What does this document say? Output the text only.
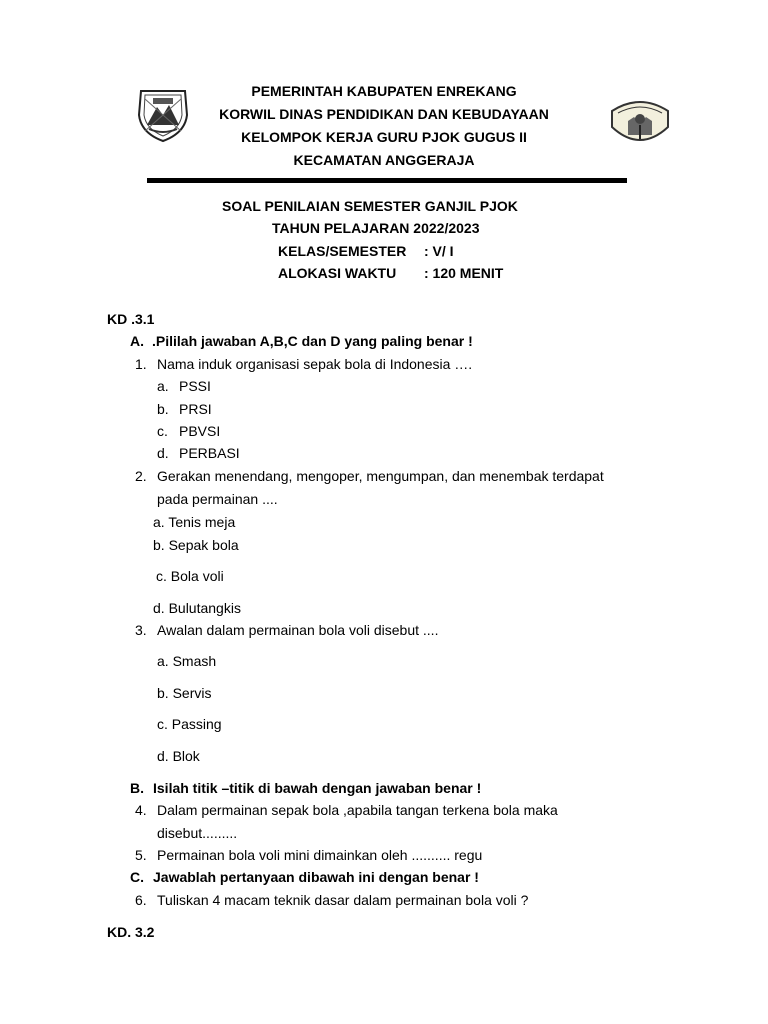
PEMERINTAH KABUPATEN ENREKANG
KORWIL DINAS PENDIDIKAN DAN KEBUDAYAAN
KELOMPOK KERJA GURU PJOK GUGUS II
KECAMATAN ANGGERAJA
SOAL PENILAIAN SEMESTER GANJIL PJOK
TAHUN PELAJARAN 2022/2023
KELAS/SEMESTER : V/ I
ALOKASI WAKTU : 120 MENIT
KD .3.1
A. .Pililah jawaban A,B,C dan D yang paling benar !
1. Nama induk organisasi sepak bola di Indonesia ….
a. PSSI
b. PRSI
c. PBVSI
d. PERBASI
2. Gerakan menendang, mengoper, mengumpan, dan menembak terdapat
pada permainan ....
a. Tenis meja
b. Sepak bola
c. Bola voli
d. Bulutangkis
3. Awalan dalam permainan bola voli disebut ....
a. Smash
b. Servis
c. Passing
d. Blok
B. Isilah titik –titik di bawah dengan jawaban benar !
4. Dalam permainan sepak bola ,apabila tangan terkena bola maka
disebut.........
5. Permainan bola voli mini dimainkan oleh .......... regu
C. Jawablah pertanyaan dibawah ini dengan benar !
6. Tuliskan 4 macam teknik dasar dalam permainan bola voli ?
KD. 3.2
